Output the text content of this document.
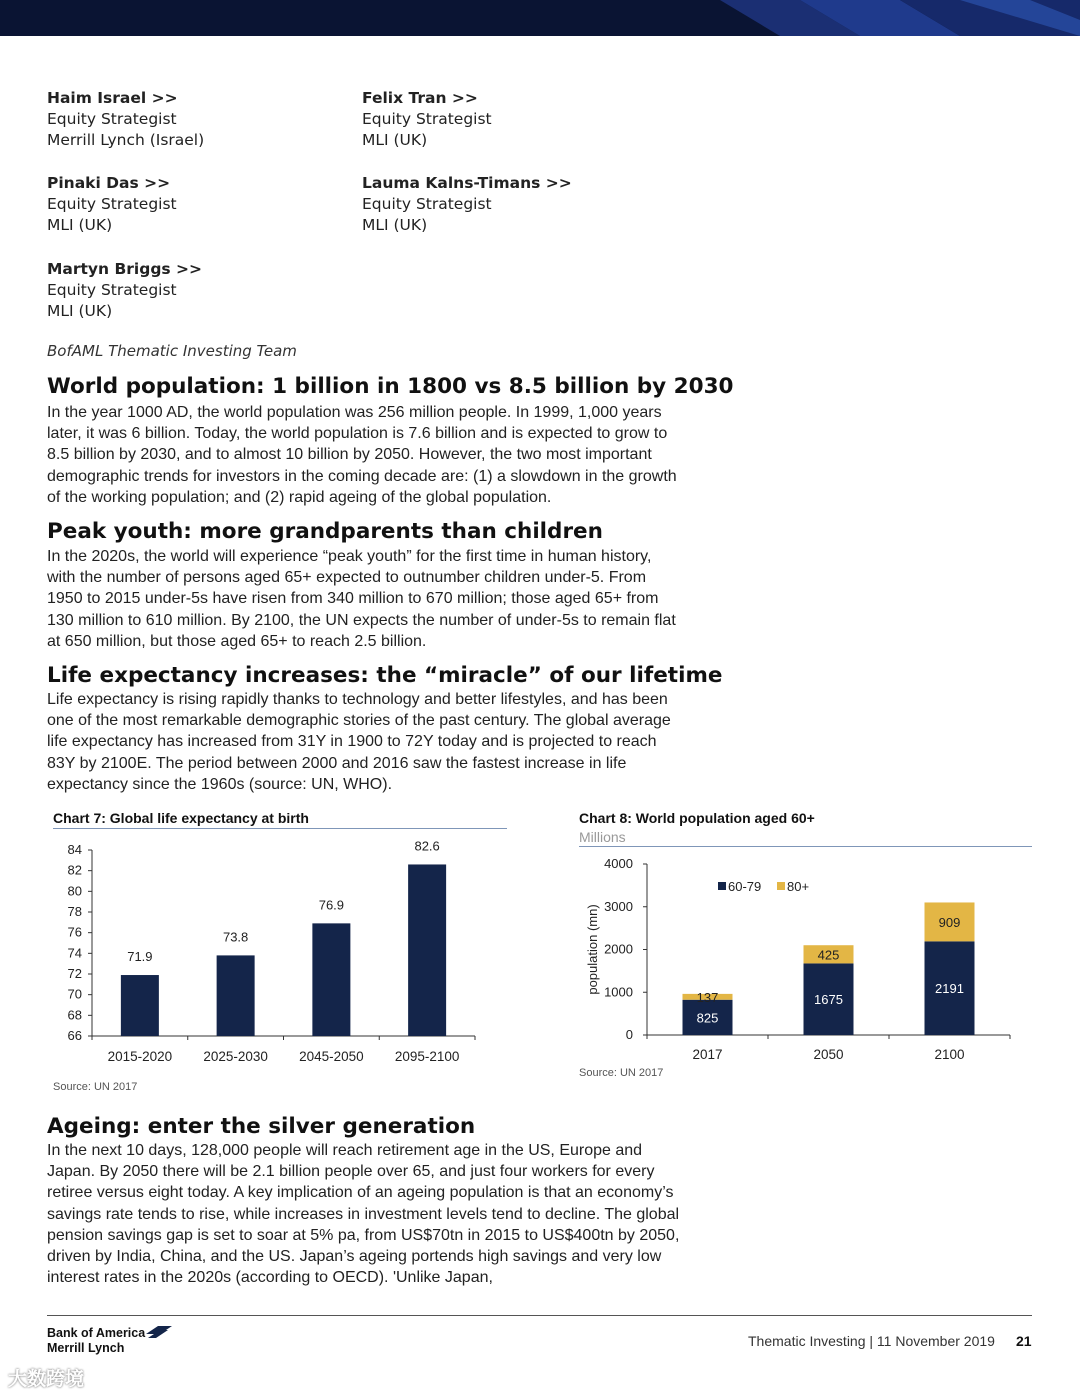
Haim Israel >>
Equity Strategist
Merrill Lynch (Israel)
Felix Tran >>
Equity Strategist
MLI (UK)
Pinaki Das >>
Equity Strategist
MLI (UK)
Lauma Kalns-Timans >>
Equity Strategist
MLI (UK)
Martyn Briggs >>
Equity Strategist
MLI (UK)
BofAML Thematic Investing Team
World population: 1 billion in 1800 vs 8.5 billion by 2030

In the year 1000 AD, the world population was 256 million people. In 1999, 1,000 years later, it was 6 billion. Today, the world population is 7.6 billion and is expected to grow to 8.5 billion by 2030, and to almost 10 billion by 2050. However, the two most important demographic trends for investors in the coming decade are: (1) a slowdown in the growth of the working population; and (2) rapid ageing of the global population.

Peak youth: more grandparents than children

In the 2020s, the world will experience “peak youth” for the first time in human history, with the number of persons aged 65+ expected to outnumber children under-5. From 1950 to 2015 under-5s have risen from 340 million to 670 million; those aged 65+ from 130 million to 610 million. By 2100, the UN expects the number of under-5s to remain flat at 650 million, but those aged 65+ to reach 2.5 billion.

Life expectancy increases: the “miracle” of our lifetime

Life expectancy is rising rapidly thanks to technology and better lifestyles, and has been one of the most remarkable demographic stories of the past century. The global average life expectancy has increased from 31Y in 1900 to 72Y today and is projected to reach 83Y by 2100E. The period between 2000 and 2016 saw the fastest increase in life expectancy since the 1960s (source: UN, WHO).

Chart 7: Global life expectancy at birth
66
68
70
72
74
76
78
80
82
84
71.9
2015-2020
73.8
2025-2030
76.9
2045-2050
82.6
2095-2100
Source: UN 2017
Chart 8: World population aged 60+
Millions
0
1000
2000
3000
4000
population (mn)
825
137
2017
1675
425
2050
2191
909
2100
60-79 80+
Source: UN 2017
Ageing: enter the silver generation

In the next 10 days, 128,000 people will reach retirement age in the US, Europe and Japan. By 2050 there will be 2.1 billion people over 65, and just four workers for every retiree versus eight today. A key implication of an ageing population is that an economy’s savings rate tends to rise, while increases in investment levels tend to decline. The global pension savings gap is set to soar at 5% pa, from US$70tn in 2015 to US$400tn by 2050, driven by India, China, and the US. Japan’s ageing portends high savings and very low interest rates in the 2020s (according to OECD). 'Unlike Japan,

Bank of America
Merrill Lynch	Thematic Investing | 11 November 2019 21
大数跨境
